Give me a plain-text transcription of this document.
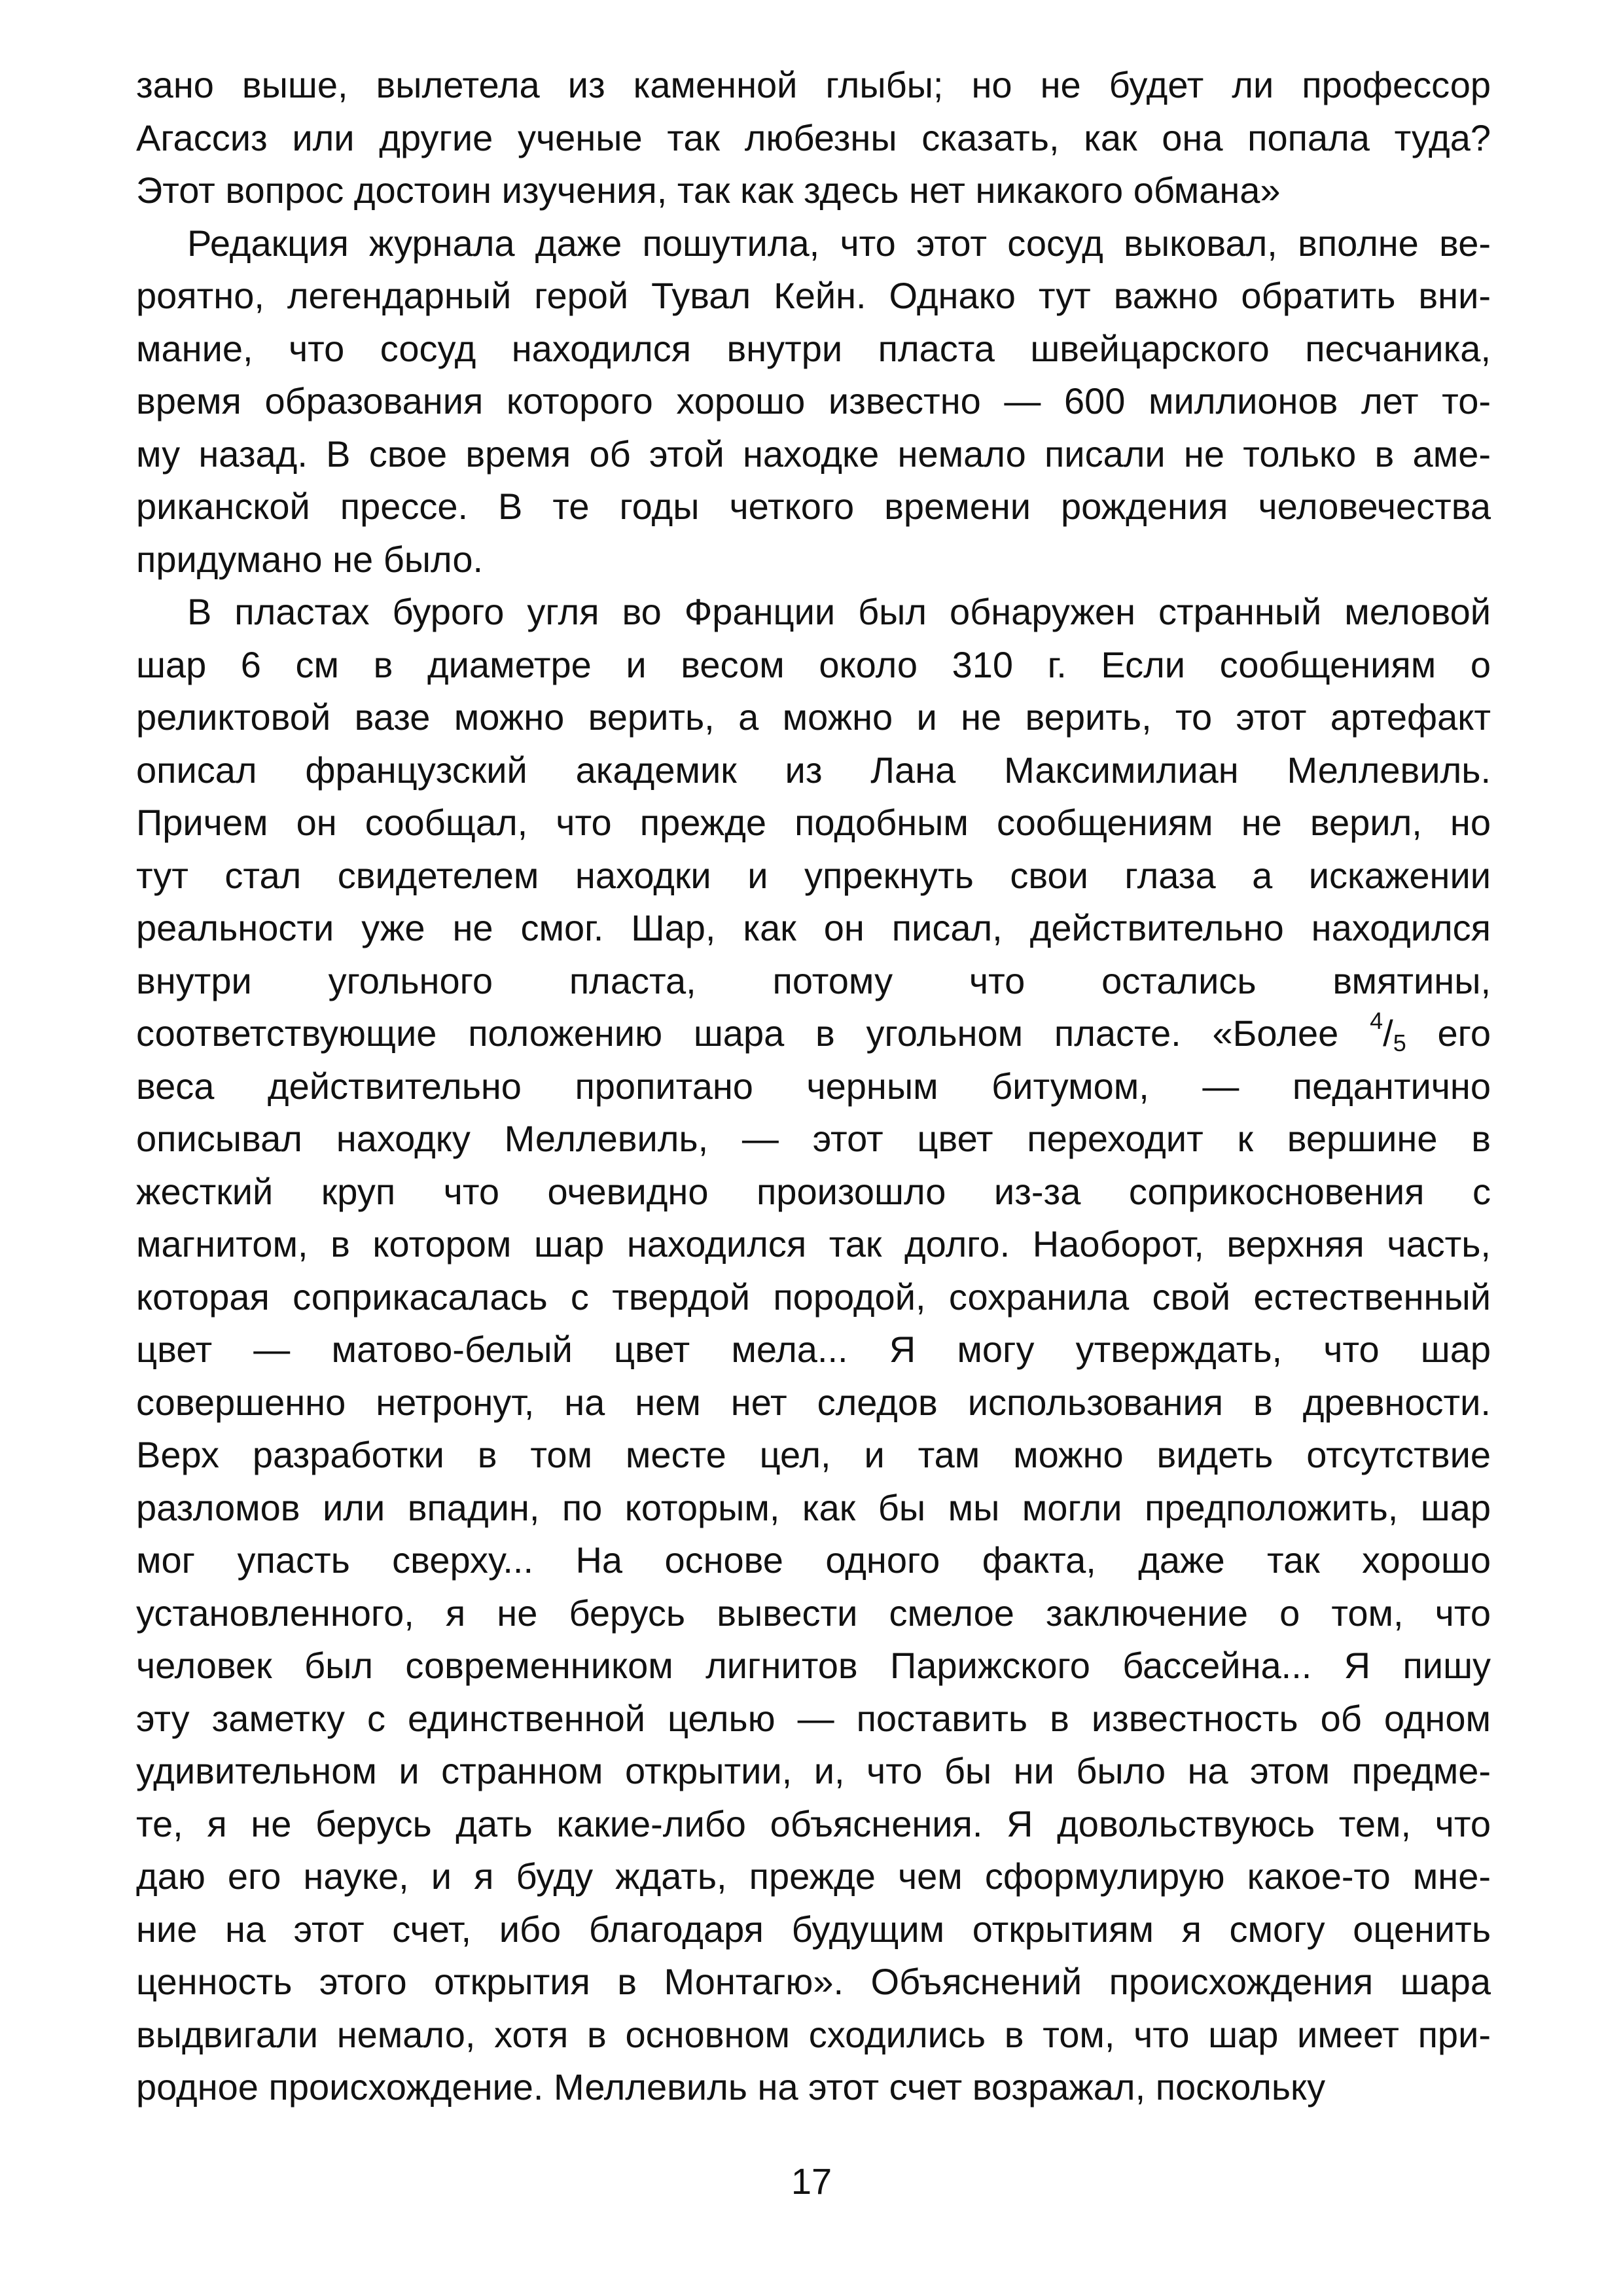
зано выше, вылетела из каменной глыбы; но не будет ли профессор
Агассиз или другие ученые так любезны сказать, как она попала туда?
Этот вопрос достоин изучения, так как здесь нет никакого обмана»
Редакция журнала даже пошутила, что этот сосуд выковал, вполне ве-
роятно, легендарный герой Тувал Кейн. Однако тут важно обратить вни-
мание, что сосуд находился внутри пласта швейцарского песчаника,
время образования которого хорошо известно — 600 миллионов лет то-
му назад. В свое время об этой находке немало писали не только в аме-
риканской прессе. В те годы четкого времени рождения человечества
придумано не было.
В пластах бурого угля во Франции был обнаружен странный меловой
шар 6 см в диаметре и весом около 310 г. Если сообщениям о
реликтовой вазе можно верить, а можно и не верить, то этот артефакт
описал французский академик из Лана Максимилиан Меллевиль.
Причем он сообщал, что прежде подобным сообщениям не верил, но
тут стал свидетелем находки и упрекнуть свои глаза а искажении
реальности уже не смог. Шар, как он писал, действительно находился
внутри угольного пласта, потому что остались вмятины,
соответствующие положению шара в угольном пласте. «Более $^4/_5$ его
веса действительно пропитано черным битумом, — педантично
описывал находку Меллевиль, — этот цвет переходит к вершине в
жесткий круп что очевидно произошло из-за соприкосновения с
магнитом, в котором шар находился так долго. Наоборот, верхняя часть,
которая соприкасалась с твердой породой, сохранила свой естественный
цвет — матово-белый цвет мела... Я могу утверждать, что шар
совершенно нетронут, на нем нет следов использования в древности.
Верх разработки в том месте цел, и там можно видеть отсутствие
разломов или впадин, по которым, как бы мы могли предположить, шар
мог упасть сверху... На основе одного факта, даже так хорошо
установленного, я не берусь вывести смелое заключение о том, что
человек был современником лигнитов Парижского бассейна... Я пишу
эту заметку с единственной целью — поставить в известность об одном
удивительном и странном открытии, и, что бы ни было на этом предме-
те, я не берусь дать какие-либо объяснения. Я довольствуюсь тем, что
даю его науке, и я буду ждать, прежде чем сформулирую какое-то мне-
ние на этот счет, ибо благодаря будущим открытиям я смогу оценить
ценность этого открытия в Монтагю». Объяснений происхождения шара
выдвигали немало, хотя в основном сходились в том, что шар имеет при-
родное происхождение. Меллевиль на этот счет возражал, поскольку
17
